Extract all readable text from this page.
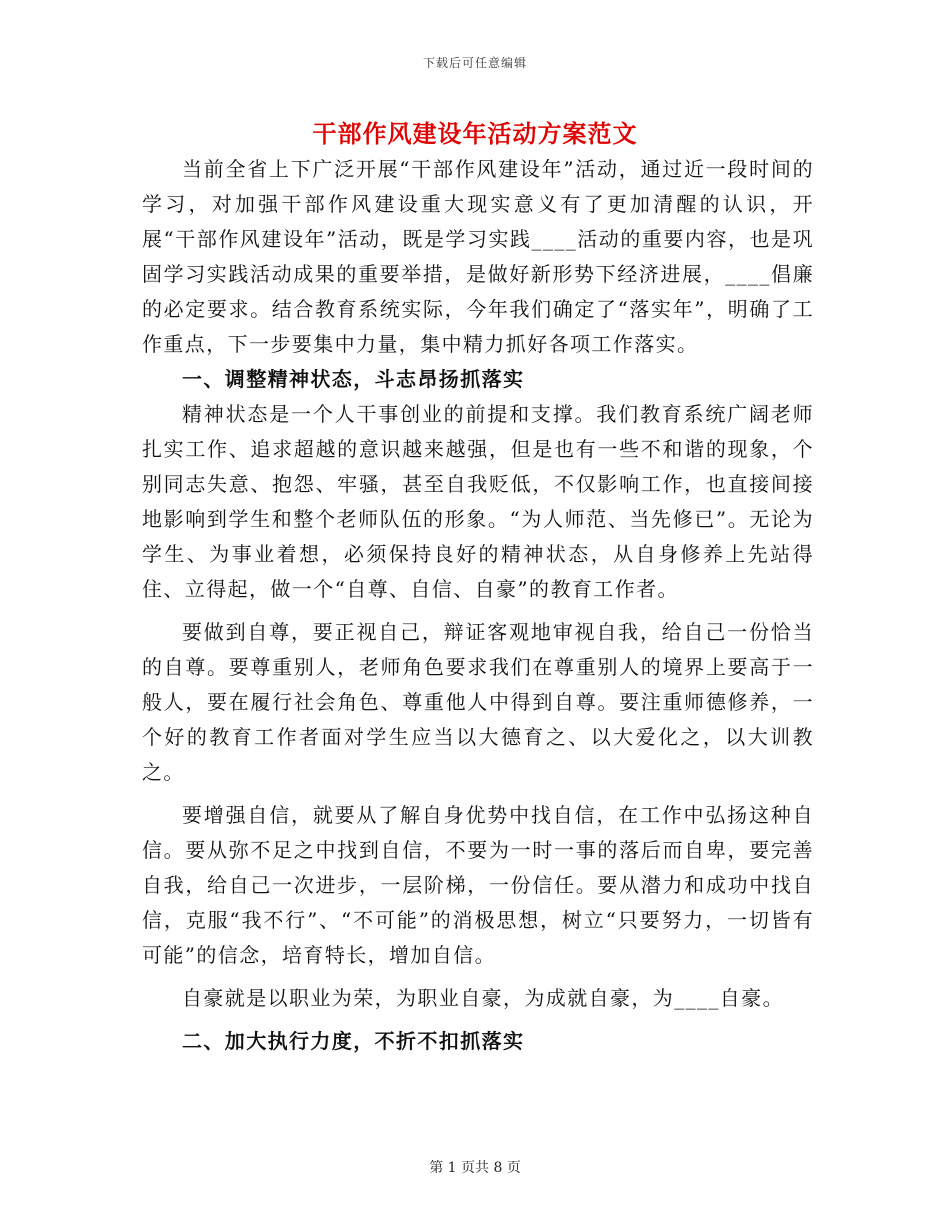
下载后可任意编辑
干部作风建设年活动方案范文

当前全省上下广泛开展“干部作风建设年”活动，通过近一段时间的学习，对加强干部作风建设重大现实意义有了更加清醒的认识，开展“干部作风建设年”活动，既是学习实践____活动的重要内容，也是巩固学习实践活动成果的重要举措，是做好新形势下经济进展，____倡廉的必定要求。结合教育系统实际，今年我们确定了“落实年”，明确了工作重点，下一步要集中力量，集中精力抓好各项工作落实。

一、调整精神状态，斗志昂扬抓落实

精神状态是一个人干事创业的前提和支撑。我们教育系统广阔老师扎实工作、追求超越的意识越来越强，但是也有一些不和谐的现象，个别同志失意、抱怨、牢骚，甚至自我贬低，不仅影响工作，也直接间接地影响到学生和整个老师队伍的形象。“为人师范、当先修已”。无论为学生、为事业着想，必须保持良好的精神状态，从自身修养上先站得住、立得起，做一个“自尊、自信、自豪”的教育工作者。

要做到自尊，要正视自己，辩证客观地审视自我，给自己一份恰当的自尊。要尊重别人，老师角色要求我们在尊重别人的境界上要高于一般人，要在履行社会角色、尊重他人中得到自尊。要注重师德修养，一个好的教育工作者面对学生应当以大德育之、以大爱化之，以大训教之。

要增强自信，就要从了解自身优势中找自信，在工作中弘扬这种自信。要从弥不足之中找到自信，不要为一时一事的落后而自卑，要完善自我，给自己一次进步，一层阶梯，一份信任。要从潜力和成功中找自信，克服“我不行”、“不可能”的消极思想，树立“只要努力，一切皆有可能”的信念，培育特长，增加自信。

自豪就是以职业为荣，为职业自豪，为成就自豪，为____自豪。

二、加大执行力度，不折不扣抓落实

第 1 页共 8 页
